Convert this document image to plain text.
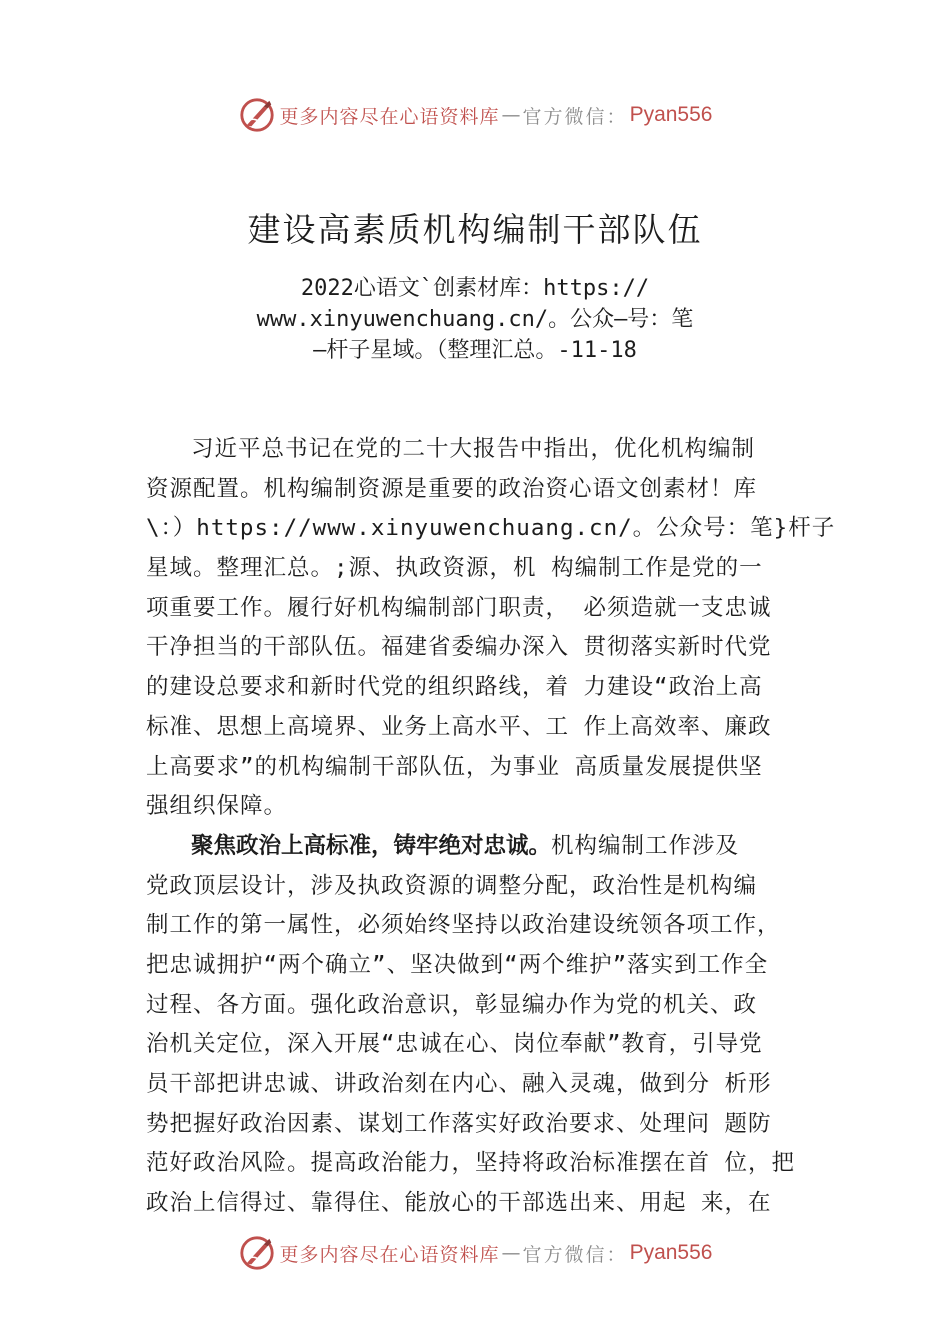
更多内容尽在心语资料库 — 官方微信： Pyan556
建设高素质机构编制干部队伍
2022心语文`创素材库：https://
www.xinyuwenchuang.cn/。公众—号：笔
—杆子星域。（整理汇总。-11-18
习近平总书记在党的二十大报告中指出，优化机构编制
资源配置。机构编制资源是重要的政治资心语文创素材！库
\：）https://www.xinyuwenchuang.cn/。公众号：笔}杆子
星域。整理汇总。;源、执政资源，机 构编制工作是党的一
项重要工作。履行好机构编制部门职责， 必须造就一支忠诚
干净担当的干部队伍。福建省委编办深入 贯彻落实新时代党
的建设总要求和新时代党的组织路线，着 力建设“政治上高
标准、思想上高境界、业务上高水平、工 作上高效率、廉政
上高要求”的机构编制干部队伍，为事业 高质量发展提供坚
强组织保障。
聚焦政治上高标准，铸牢绝对忠诚。机构编制工作涉及
党政顶层设计，涉及执政资源的调整分配，政治性是机构编
制工作的第一属性，必须始终坚持以政治建设统领各项工作，
把忠诚拥护“两个确立”、坚决做到“两个维护”落实到工作全
过程、各方面。强化政治意识，彰显编办作为党的机关、政
治机关定位，深入开展“忠诚在心、岗位奉献”教育，引导党
员干部把讲忠诚、讲政治刻在内心、融入灵魂，做到分 析形
势把握好政治因素、谋划工作落实好政治要求、处理问 题防
范好政治风险。提高政治能力，坚持将政治标准摆在首 位，把
政治上信得过、靠得住、能放心的干部选出来、用起 来，在
更多内容尽在心语资料库 — 官方微信： Pyan556
